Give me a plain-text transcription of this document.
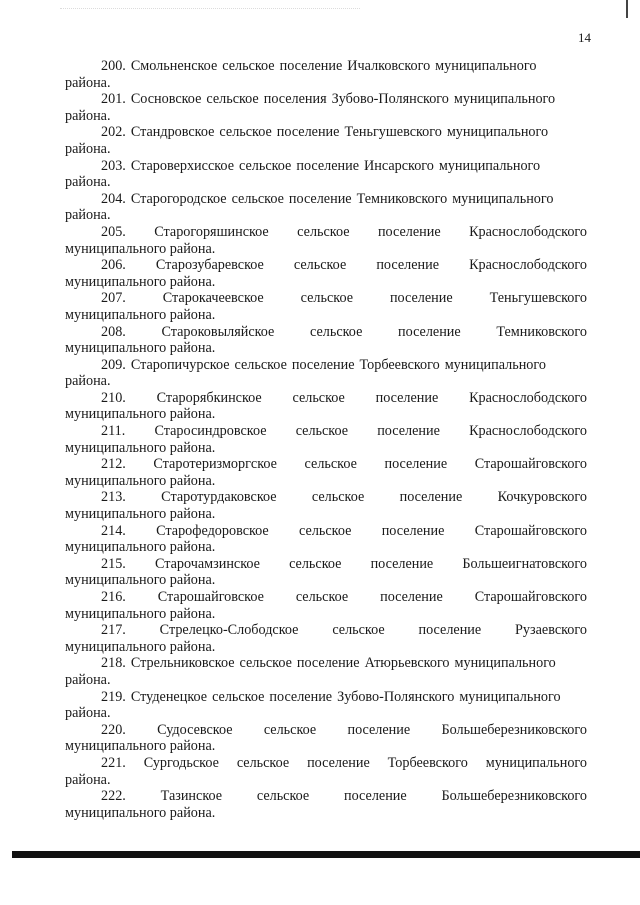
14
200. Смольненское сельское поселение Ичалковского муниципального
района.
201. Сосновское сельское поселения Зубово-Полянского муниципального
района.
202. Стандровское сельское поселение Теньгушевского муниципального
района.
203. Староверхисское сельское поселение Инсарского муниципального
района.
204. Старогородское сельское поселение Темниковского муниципального
района.
205. Старогоряшинское сельское поселение Краснослободского
муниципального района.
206. Старозубаревское сельское поселение Краснослободского
муниципального района.
207.	Старокачеевское	сельское	поселение	Теньгушевского
муниципального района.
208.	Староковыляйское	сельское	поселение	Темниковского
муниципального района.
209. Старопичурское сельское поселение Торбеевского муниципального
района.
210. Старорябкинское сельское поселение Краснослободского
муниципального района.
211. Старосиндровское сельское поселение Краснослободского
муниципального района.
212. Старотеризморгское сельское поселение Старошайговского
муниципального района.
213. Старотурдаковское сельское поселение Кочкуровского
муниципального района.
214. Старофедоровское сельское поселение Старошайговского
муниципального района.
215. Старочамзинское сельское поселение Большеигнатовского
муниципального района.
216. Старошайговское сельское поселение Старошайговского
муниципального района.
217. Стрелецко-Слободское сельское поселение Рузаевского
муниципального района.
218. Стрельниковское сельское поселение Атюрьевского муниципального
района.
219. Студенецкое сельское поселение Зубово-Полянского муниципального
района.
220. Судосевское сельское поселение Большеберезниковского
муниципального района.
221. Сургодьское сельское поселение Торбеевского муниципального
района.
222. Тазинское сельское поселение Большеберезниковского
муниципального района.
